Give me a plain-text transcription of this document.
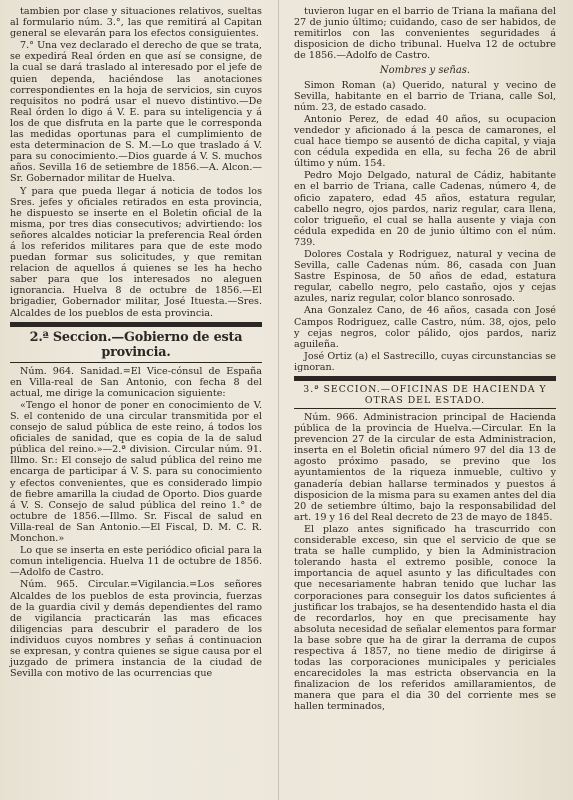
tambien por clase y situaciones relativos, sueltas al formulario núm. 3.°, las que remitirá al Capitan general se elevarán para los efectos consiguientes.

7.° Una vez declarado el derecho de que se trata, se expedirá Real órden en que así se consigne, de la cual se dará traslado al interesado por el jefe de quien dependa, haciéndose las anotaciones correspondientes en la hoja de servicios, sin cuyos requisitos no podrá usar el nuevo distintivo.—De Real órden lo digo á V. E. para su inteligencia y á los de que disfruta en la parte que le corresponda las medidas oportunas para el cumplimiento de esta determinacion de S. M.—Lo que traslado á V. para su conocimiento.—Dios guarde á V. S. muchos años. Sevilla 16 de setiembre de 1856.—A. Alcon.—Sr. Gobernador militar de Huelva.

Y para que pueda llegar á noticia de todos los Sres. jefes y oficiales retirados en esta provincia, he dispuesto se inserte en el Boletin oficial de la misma, por tres dias consecutivos; advirtiendo: los señores alcaldes noticiar la preferencia Real órden á los referidos militares para que de este modo puedan formar sus solicitudes, y que remitan relacion de aquellos á quienes se les ha hecho saber para que los interesados no aleguen ignorancia. Huelva 8 de octubre de 1856.—El brigadier, Gobernador militar, José Ituesta.—Sres. Alcaldes de los pueblos de esta provincia.

2.ª Seccion.—Gobierno de esta provincia.

Núm. 964. Sanidad.=El Vice-cónsul de España en Villa-real de San Antonio, con fecha 8 del actual, me dirige la comunicacion siguiente:

«Tengo el honor de poner en conocimiento de V. S. el contenido de una circular transmitida por el consejo de salud pública de este reino, á todos los oficiales de sanidad, que es copia de la de salud pública del reino.»—2.ª division. Circular núm. 91. Illmo. Sr.: El consejo de salud pública del reino me encarga de participar á V. S. para su conocimiento y efectos convenientes, que es considerado limpio de fiebre amarilla la ciudad de Oporto. Dios guarde á V. S. Consejo de salud pública del reino 1.° de octubre de 1856.—Illmo. Sr. Fiscal de salud en Villa-real de San Antonio.—El Fiscal, D. M. C. R. Monchon.»

Lo que se inserta en este periódico oficial para la comun inteligencia. Huelva 11 de octubre de 1856.—Adolfo de Castro.

Núm. 965. Circular.=Vigilancia.=Los señores Alcaldes de los pueblos de esta provincia, fuerzas de la guardia civil y demás dependientes del ramo de vigilancia practicarán las mas eficaces diligencias para descubrir el paradero de los individuos cuyos nombres y señas á continuacion se expresan, y contra quienes se sigue causa por el juzgado de primera instancia de la ciudad de Sevilla con motivo de las ocurrencias que

tuvieron lugar en el barrio de Triana la mañana del 27 de junio último; cuidando, caso de ser habidos, de remitirlos con las convenientes seguridades á disposicion de dicho tribunal. Huelva 12 de octubre de 1856.—Adolfo de Castro.

Nombres y señas.

Simon Roman (a) Querido, natural y vecino de Sevilla, habitante en el barrio de Triana, calle Sol, núm. 23, de estado casado.

Antonio Perez, de edad 40 años, su ocupacion vendedor y aficionado á la pesca de camarones, el cual hace tiempo se ausentó de dicha capital, y viaja con cédula expedida en ella, su fecha 26 de abril último y núm. 154.

Pedro Mojo Delgado, natural de Cádiz, habitante en el barrio de Triana, calle Cadenas, número 4, de oficio zapatero, edad 45 años, estatura regular, cabello negro, ojos pardos, nariz regular, cara llena, color trigueño, el cual se halla ausente y viaja con cédula expedida en 20 de junio último con el núm. 739.

Dolores Costala y Rodriguez, natural y vecina de Sevilla, calle Cadenas núm. 86, casada con Juan Sastre Espinosa, de 50 años de edad, estatura regular, cabello negro, pelo castaño, ojos y cejas azules, nariz regular, color blanco sonrosado.

Ana Gonzalez Cano, de 46 años, casada con José Campos Rodriguez, calle Castro, núm. 38, ojos, pelo y cejas negros, color pálido, ojos pardos, nariz aguileña.

José Ortiz (a) el Sastrecillo, cuyas circunstancias se ignoran.

3.ª SECCION.—OFICINAS DE HACIENDA Y OTRAS DEL ESTADO.

Núm. 966. Administracion principal de Hacienda pública de la provincia de Huelva.—Circular. En la prevencion 27 de la circular de esta Administracion, inserta en el Boletin oficial número 97 del dia 13 de agosto próximo pasado, se previno que los ayuntamientos de la riqueza inmueble, cultivo y ganadería debian hallarse terminados y puestos á disposicion de la misma para su examen antes del dia 20 de setiembre último, bajo la responsabilidad del art. 19 y 16 del Real decreto de 23 de mayo de 1845.

El plazo antes significado ha trascurrido con considerable exceso, sin que el servicio de que se trata se halle cumplido, y bien la Administracion tolerando hasta el extremo posible, conoce la importancia de aquel asunto y las dificultades con que necesariamente habran tenido que luchar las corporaciones para conseguir los datos suficientes á justificar los trabajos, se ha desentendido hasta el dia de recordarlos, hoy en que precisamente hay absoluta necesidad de señalar elementos para formar la base sobre que ha de girar la derrama de cupos respectiva á 1857, no tiene medio de dirigirse á todas las corporaciones municipales y periciales encarecidoles la mas estricta observancia en la finalizacion de los referidos amillaramientos, de manera que para el dia 30 del corriente mes se hallen terminados,
